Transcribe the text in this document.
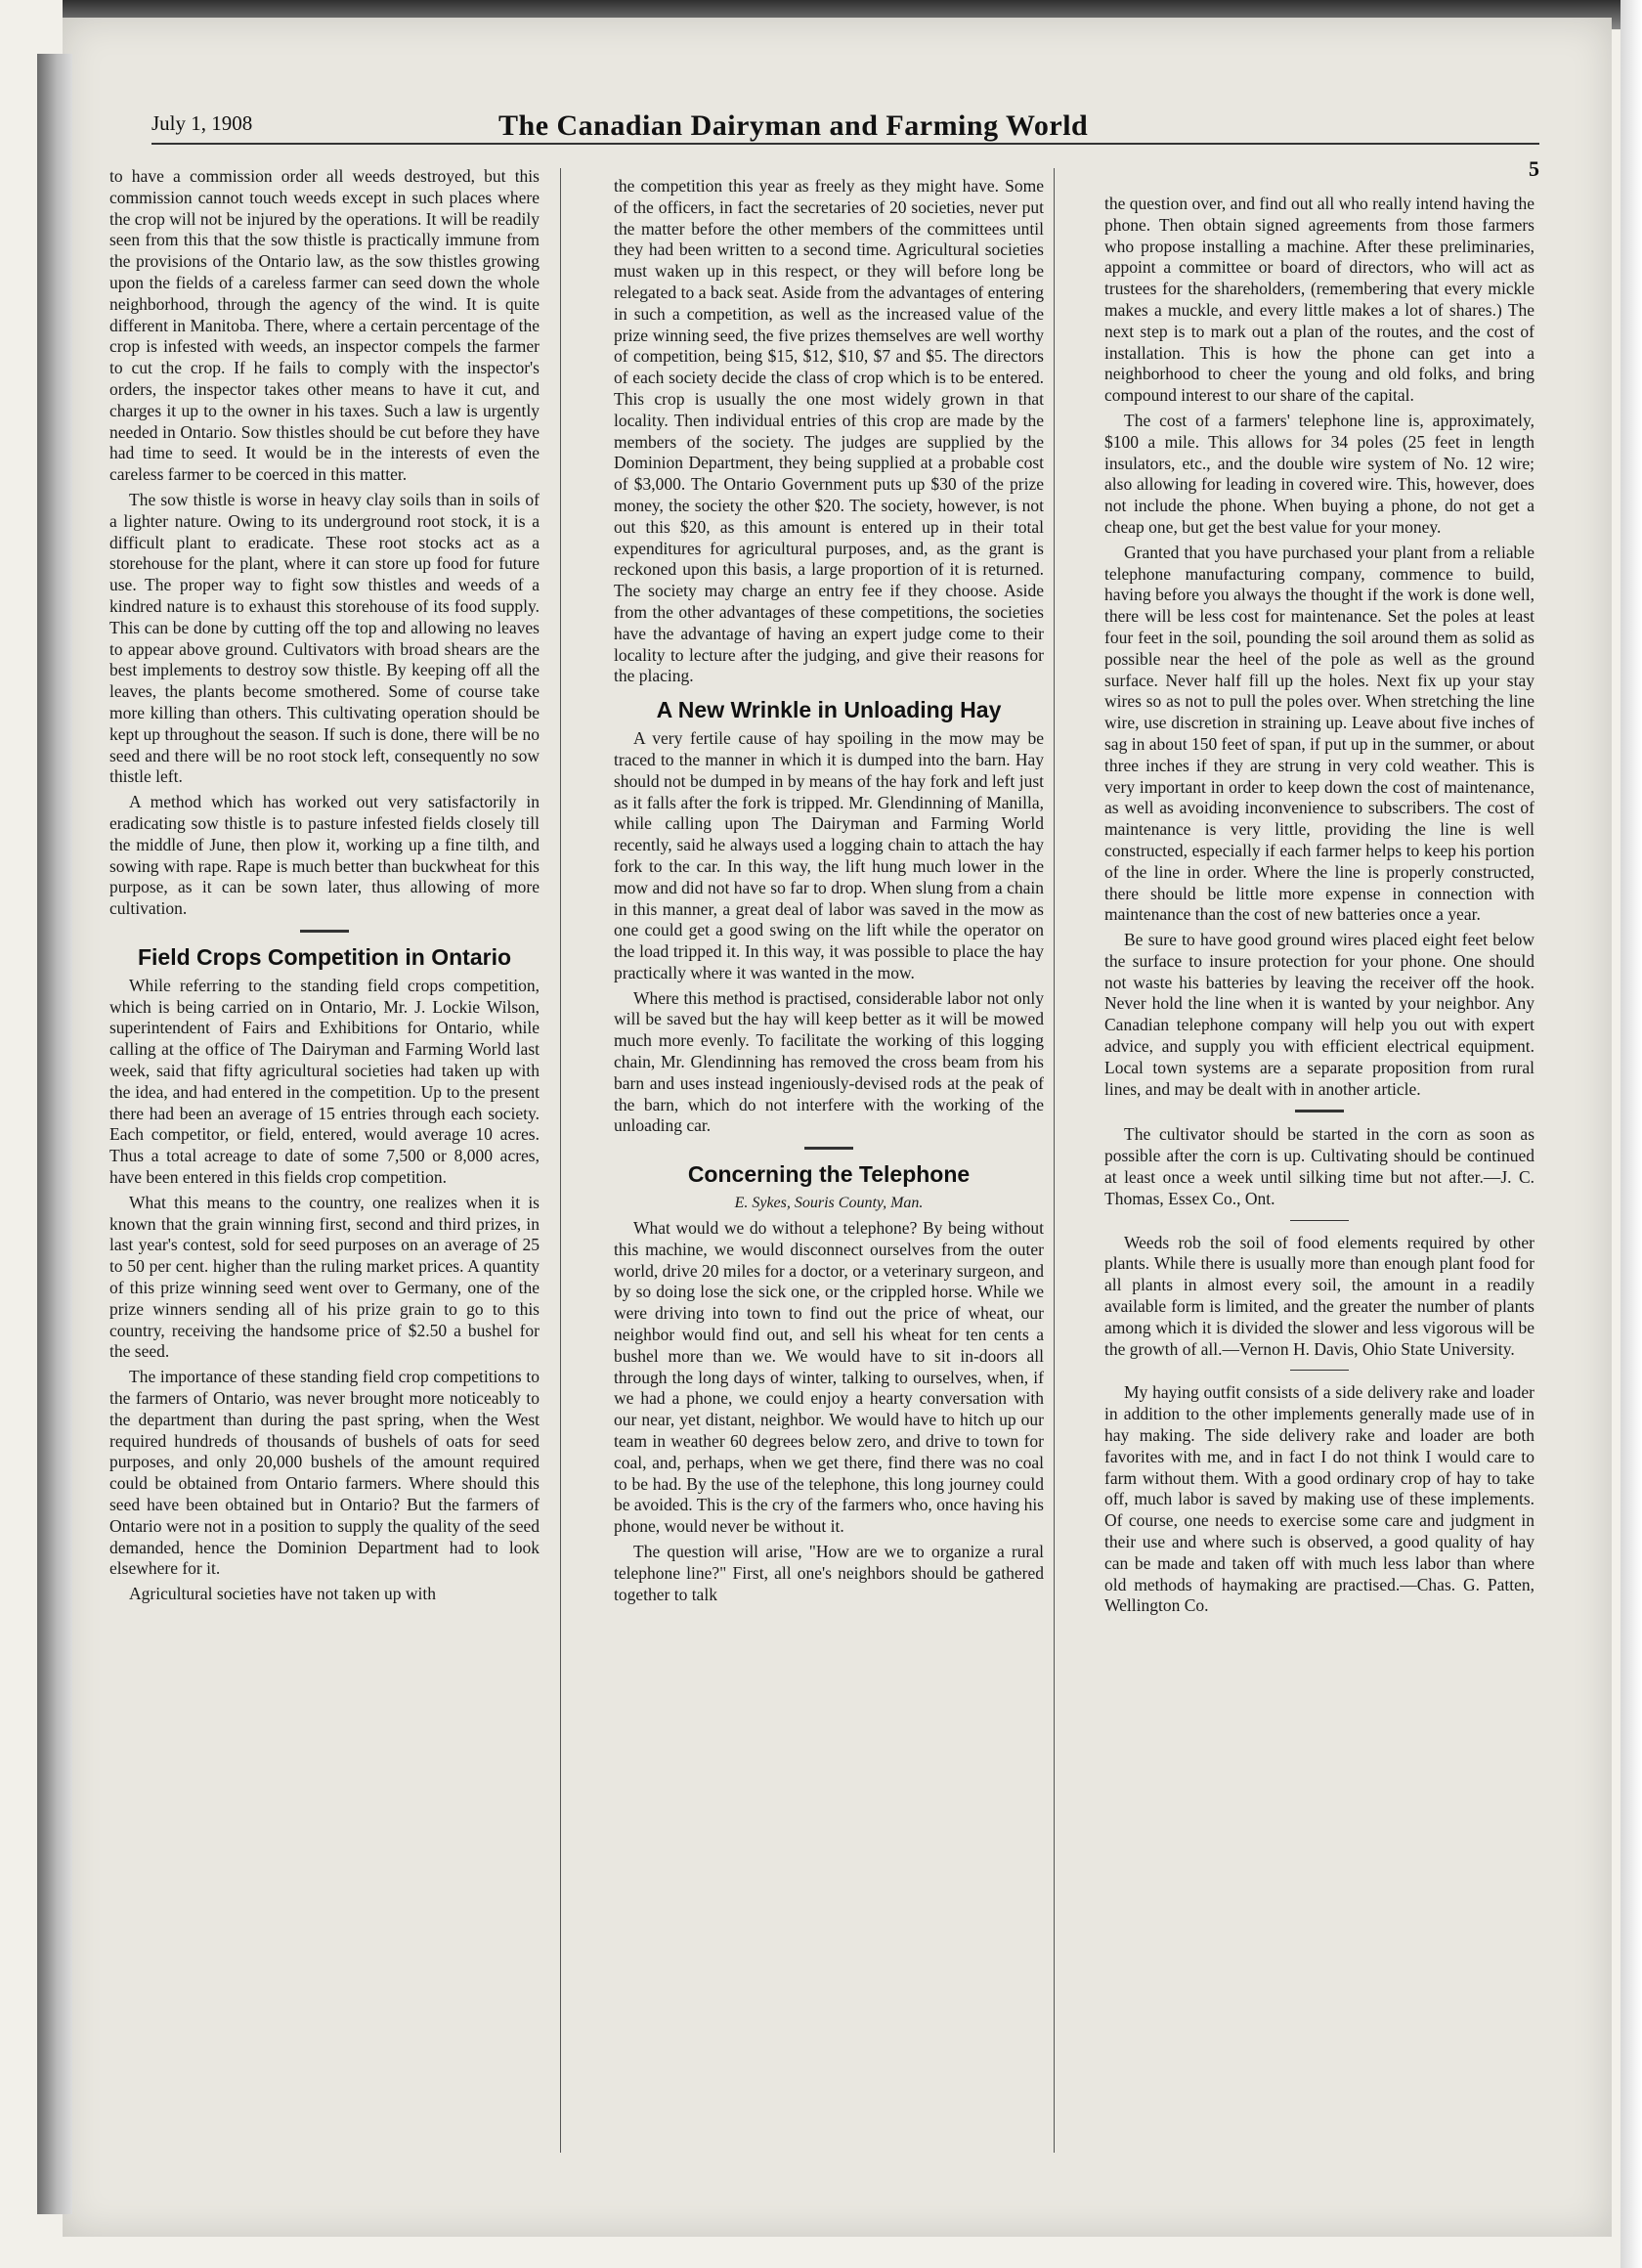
July 1, 1908	The Canadian Dairyman and Farming World
5

to have a commission order all weeds destroyed, but this commission cannot touch weeds except in such places where the crop will not be injured by the operations. It will be readily seen from this that the sow thistle is practically immune from the provisions of the Ontario law, as the sow thistles growing upon the fields of a careless farmer can seed down the whole neighborhood, through the agency of the wind. It is quite different in Manitoba. There, where a certain percentage of the crop is infested with weeds, an inspector compels the farmer to cut the crop. If he fails to comply with the inspector's orders, the inspector takes other means to have it cut, and charges it up to the owner in his taxes. Such a law is urgently needed in Ontario. Sow thistles should be cut before they have had time to seed. It would be in the interests of even the careless farmer to be coerced in this matter.

The sow thistle is worse in heavy clay soils than in soils of a lighter nature. Owing to its underground root stock, it is a difficult plant to eradicate. These root stocks act as a storehouse for the plant, where it can store up food for future use. The proper way to fight sow thistles and weeds of a kindred nature is to exhaust this storehouse of its food supply. This can be done by cutting off the top and allowing no leaves to appear above ground. Cultivators with broad shears are the best implements to destroy sow thistle. By keeping off all the leaves, the plants become smothered. Some of course take more killing than others. This cultivating operation should be kept up throughout the season. If such is done, there will be no seed and there will be no root stock left, consequently no sow thistle left.

A method which has worked out very satisfactorily in eradicating sow thistle is to pasture infested fields closely till the middle of June, then plow it, working up a fine tilth, and sowing with rape. Rape is much better than buckwheat for this purpose, as it can be sown later, thus allowing of more cultivation.

Field Crops Competition in Ontario

While referring to the standing field crops competition, which is being carried on in Ontario, Mr. J. Lockie Wilson, superintendent of Fairs and Exhibitions for Ontario, while calling at the office of The Dairyman and Farming World last week, said that fifty agricultural societies had taken up with the idea, and had entered in the competition. Up to the present there had been an average of 15 entries through each society. Each competitor, or field, entered, would average 10 acres. Thus a total acreage to date of some 7,500 or 8,000 acres, have been entered in this fields crop competition.

What this means to the country, one realizes when it is known that the grain winning first, second and third prizes, in last year's contest, sold for seed purposes on an average of 25 to 50 per cent. higher than the ruling market prices. A quantity of this prize winning seed went over to Germany, one of the prize winners sending all of his prize grain to go to this country, receiving the handsome price of $2.50 a bushel for the seed.

The importance of these standing field crop competitions to the farmers of Ontario, was never brought more noticeably to the department than during the past spring, when the West required hundreds of thousands of bushels of oats for seed purposes, and only 20,000 bushels of the amount required could be obtained from Ontario farmers. Where should this seed have been obtained but in Ontario? But the farmers of Ontario were not in a position to supply the quality of the seed demanded, hence the Dominion Department had to look elsewhere for it.

Agricultural societies have not taken up with

the competition this year as freely as they might have. Some of the officers, in fact the secretaries of 20 societies, never put the matter before the other members of the committees until they had been written to a second time. Agricultural societies must waken up in this respect, or they will before long be relegated to a back seat. Aside from the advantages of entering in such a competition, as well as the increased value of the prize winning seed, the five prizes themselves are well worthy of competition, being $15, $12, $10, $7 and $5. The directors of each society decide the class of crop which is to be entered. This crop is usually the one most widely grown in that locality. Then individual entries of this crop are made by the members of the society. The judges are supplied by the Dominion Department, they being supplied at a probable cost of $3,000. The Ontario Government puts up $30 of the prize money, the society the other $20. The society, however, is not out this $20, as this amount is entered up in their total expenditures for agricultural purposes, and, as the grant is reckoned upon this basis, a large proportion of it is returned. The society may charge an entry fee if they choose. Aside from the other advantages of these competitions, the societies have the advantage of having an expert judge come to their locality to lecture after the judging, and give their reasons for the placing.

A New Wrinkle in Unloading Hay

A very fertile cause of hay spoiling in the mow may be traced to the manner in which it is dumped into the barn. Hay should not be dumped in by means of the hay fork and left just as it falls after the fork is tripped. Mr. Glendinning of Manilla, while calling upon The Dairyman and Farming World recently, said he always used a logging chain to attach the hay fork to the car. In this way, the lift hung much lower in the mow and did not have so far to drop. When slung from a chain in this manner, a great deal of labor was saved in the mow as one could get a good swing on the lift while the operator on the load tripped it. In this way, it was possible to place the hay practically where it was wanted in the mow.

Where this method is practised, considerable labor not only will be saved but the hay will keep better as it will be mowed much more evenly. To facilitate the working of this logging chain, Mr. Glendinning has removed the cross beam from his barn and uses instead ingeniously-devised rods at the peak of the barn, which do not interfere with the working of the unloading car.

Concerning the Telephone
E. Sykes, Souris County, Man.

What would we do without a telephone? By being without this machine, we would disconnect ourselves from the outer world, drive 20 miles for a doctor, or a veterinary surgeon, and by so doing lose the sick one, or the crippled horse. While we were driving into town to find out the price of wheat, our neighbor would find out, and sell his wheat for ten cents a bushel more than we. We would have to sit in-doors all through the long days of winter, talking to ourselves, when, if we had a phone, we could enjoy a hearty conversation with our near, yet distant, neighbor. We would have to hitch up our team in weather 60 degrees below zero, and drive to town for coal, and, perhaps, when we get there, find there was no coal to be had. By the use of the telephone, this long journey could be avoided. This is the cry of the farmers who, once having his phone, would never be without it.

The question will arise, "How are we to organize a rural telephone line?" First, all one's neighbors should be gathered together to talk

the question over, and find out all who really intend having the phone. Then obtain signed agreements from those farmers who propose installing a machine. After these preliminaries, appoint a committee or board of directors, who will act as trustees for the shareholders, (remembering that every mickle makes a muckle, and every little makes a lot of shares.) The next step is to mark out a plan of the routes, and the cost of installation. This is how the phone can get into a neighborhood to cheer the young and old folks, and bring compound interest to our share of the capital.

The cost of a farmers' telephone line is, approximately, $100 a mile. This allows for 34 poles (25 feet in length insulators, etc., and the double wire system of No. 12 wire; also allowing for leading in covered wire. This, however, does not include the phone. When buying a phone, do not get a cheap one, but get the best value for your money.

Granted that you have purchased your plant from a reliable telephone manufacturing company, commence to build, having before you always the thought if the work is done well, there will be less cost for maintenance. Set the poles at least four feet in the soil, pounding the soil around them as solid as possible near the heel of the pole as well as the ground surface. Never half fill up the holes. Next fix up your stay wires so as not to pull the poles over. When stretching the line wire, use discretion in straining up. Leave about five inches of sag in about 150 feet of span, if put up in the summer, or about three inches if they are strung in very cold weather. This is very important in order to keep down the cost of maintenance, as well as avoiding inconvenience to subscribers. The cost of maintenance is very little, providing the line is well constructed, especially if each farmer helps to keep his portion of the line in order. Where the line is properly constructed, there should be little more expense in connection with maintenance than the cost of new batteries once a year.

Be sure to have good ground wires placed eight feet below the surface to insure protection for your phone. One should not waste his batteries by leaving the receiver off the hook. Never hold the line when it is wanted by your neighbor. Any Canadian telephone company will help you out with expert advice, and supply you with efficient electrical equipment. Local town systems are a separate proposition from rural lines, and may be dealt with in another article.

The cultivator should be started in the corn as soon as possible after the corn is up. Cultivating should be continued at least once a week until silking time but not after.—J. C. Thomas, Essex Co., Ont.

Weeds rob the soil of food elements required by other plants. While there is usually more than enough plant food for all plants in almost every soil, the amount in a readily available form is limited, and the greater the number of plants among which it is divided the slower and less vigorous will be the growth of all.—Vernon H. Davis, Ohio State University.

My haying outfit consists of a side delivery rake and loader in addition to the other implements generally made use of in hay making. The side delivery rake and loader are both favorites with me, and in fact I do not think I would care to farm without them. With a good ordinary crop of hay to take off, much labor is saved by making use of these implements. Of course, one needs to exercise some care and judgment in their use and where such is observed, a good quality of hay can be made and taken off with much less labor than where old methods of haymaking are practised.—Chas. G. Patten, Wellington Co.
